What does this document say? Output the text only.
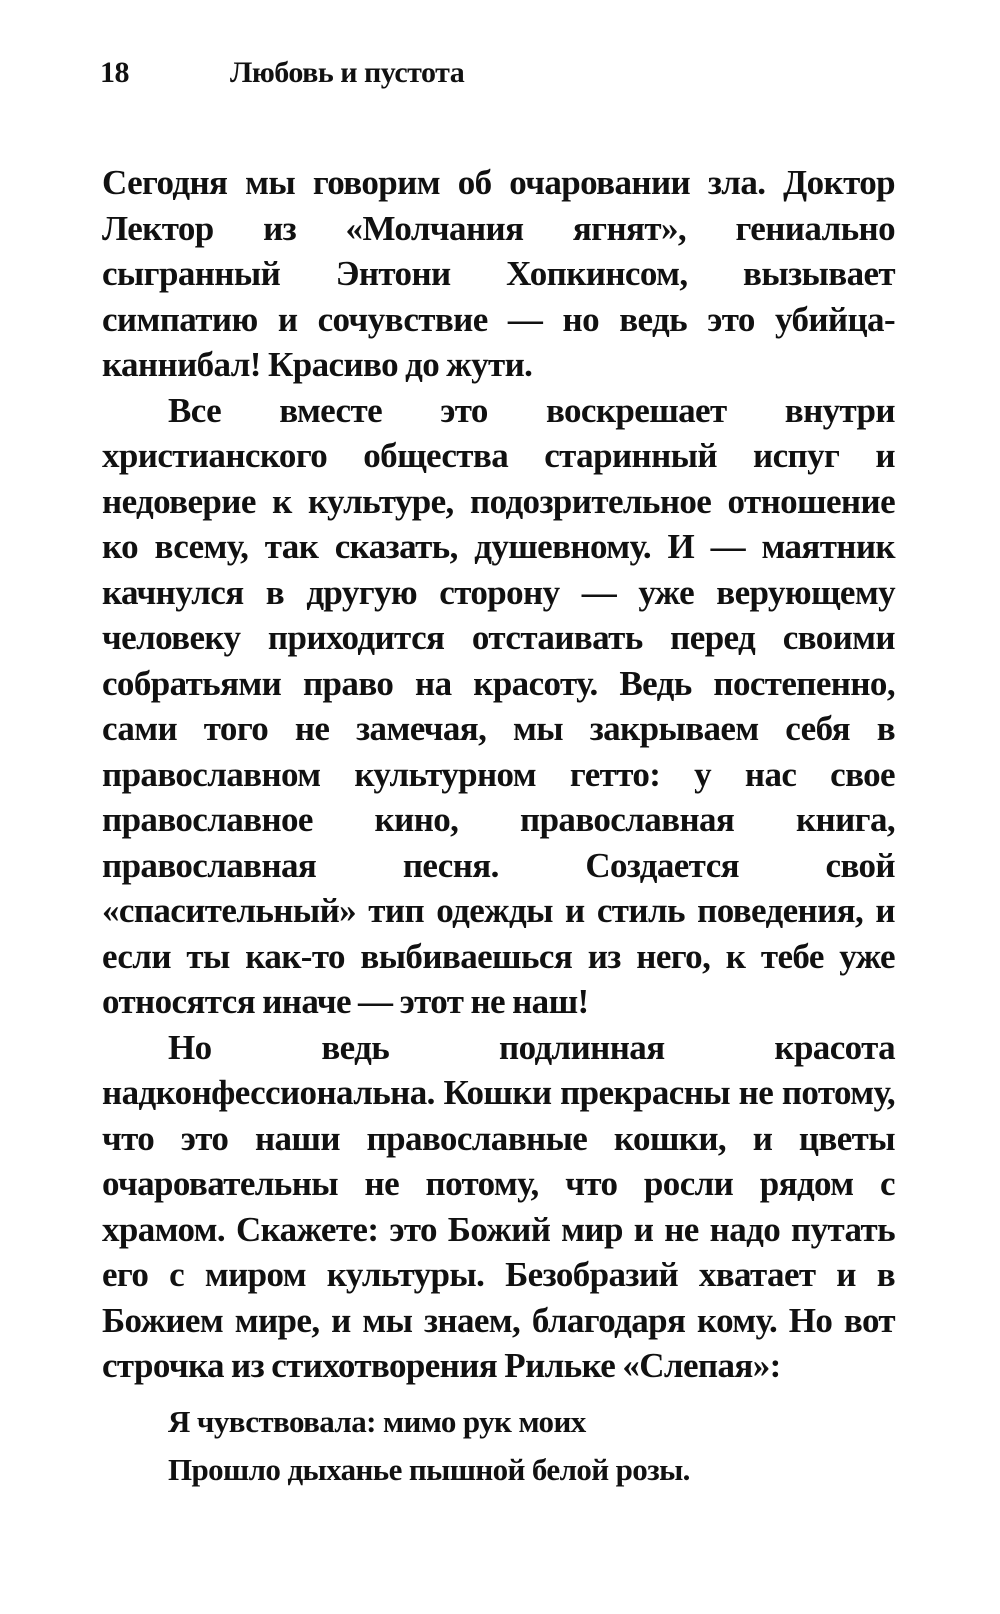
18	Любовь и пустота

Сегодня мы говорим об очаровании зла. Доктор Лектор из «Молчания ягнят», гениально сыгранный Энтони Хопкинсом, вызывает симпатию и сочувствие — но ведь это убийца-каннибал! Красиво до жути.

Все вместе это воскрешает внутри христианского общества старинный испуг и недоверие к культуре, подозрительное отношение ко всему, так сказать, душевному. И — маятник качнулся в другую сторону — уже верующему человеку приходится отстаивать перед своими собратьями право на красоту. Ведь постепенно, сами того не замечая, мы закрываем себя в православном культурном гетто: у нас свое православное кино, православная книга, православная песня. Создается свой «спасительный» тип одежды и стиль поведения, и если ты как-то выбиваешься из него, к тебе уже относятся иначе — этот не наш!

Но ведь подлинная красота надконфессиональна. Кошки прекрасны не потому, что это наши православные кошки, и цветы очаровательны не потому, что росли рядом с храмом. Скажете: это Божий мир и не надо путать его с миром культуры. Безобразий хватает и в Божием мире, и мы знаем, благодаря кому. Но вот строчка из стихотворения Рильке «Слепая»:

Я чувствовала: мимо рук моих
Прошло дыханье пышной белой розы.
